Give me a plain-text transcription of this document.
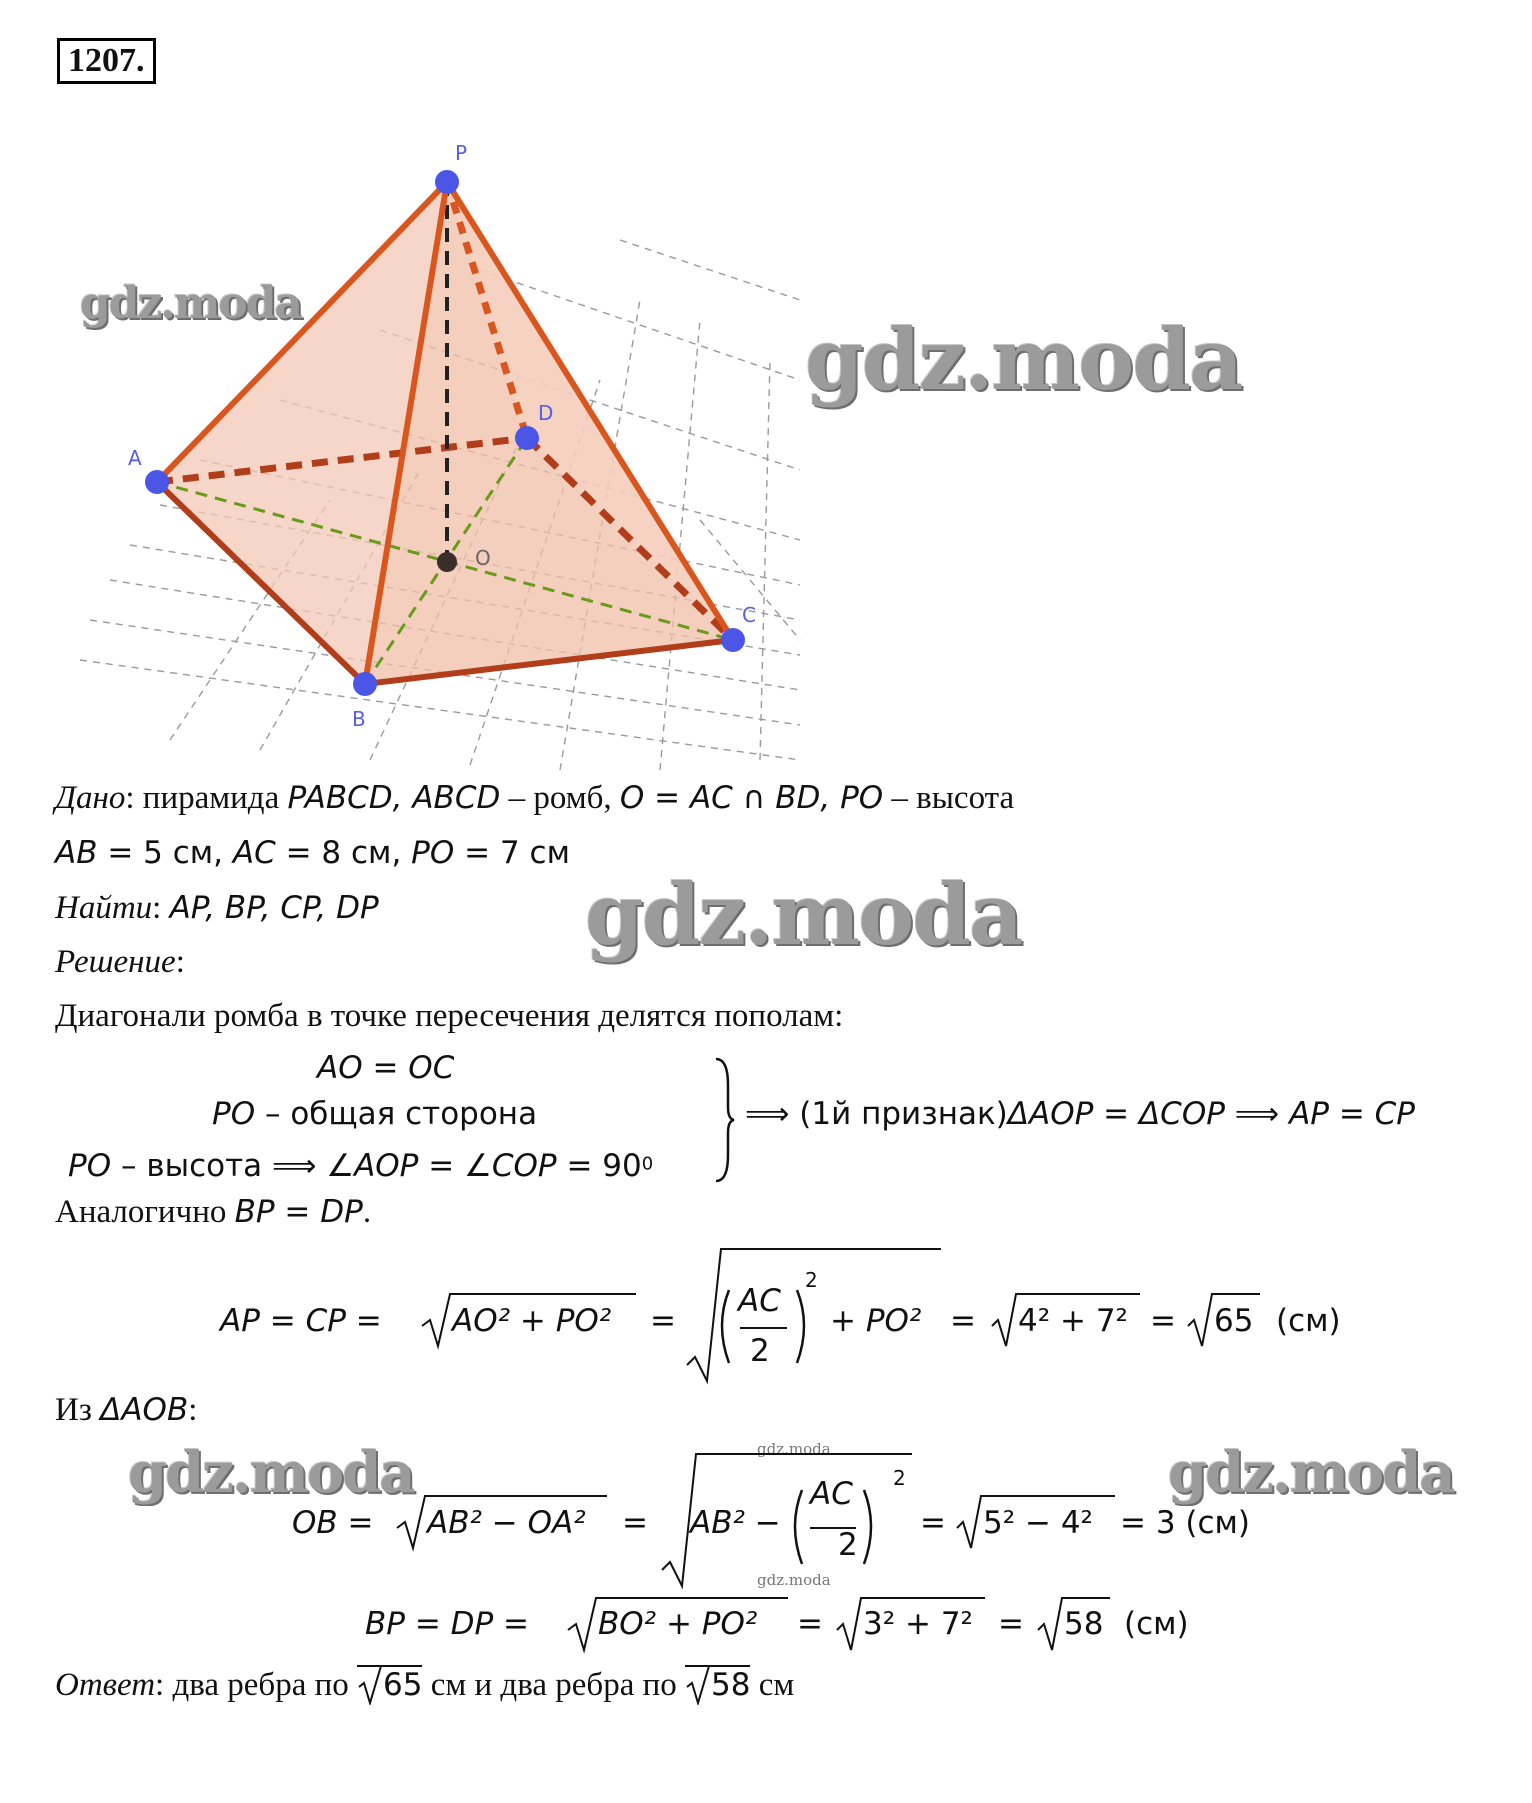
1207.
P
A
B
C
D
O
gdz.moda
gdz.moda
gdz.moda
gdz.moda	gdz.moda
gdz.moda
gdz.moda
Дано: пирамида PABCD, ABCD – ромб, O = AC ∩ BD, PO – высота
AB = 5 см, AC = 8 см, PO = 7 см
Найти: AP, BP, CP, DP
Решение:
Диагонали ромба в точке пересечения делятся пополам:
AO = OC
PO – общая сторона
PO – высота ⟹ ∠AOP = ∠COP = $90^0$
⟹ (1й признак)ΔAOP = ΔCOP ⟹ AP = CP
Аналогично BP = DP.
AP = CP = AO² + PO² =
AC
2
2
+ PO² = 4² + 7² = 65 (см)
Из ΔAOB:
OB = AB² − OA² = AB² −
AC
2
2
= 5² − 4² = 3 (см)
BP = DP = BO² + PO² = 3² + 7² = 58 (см)
Ответ: два ребра по
65 см и два ребра по
58 см
